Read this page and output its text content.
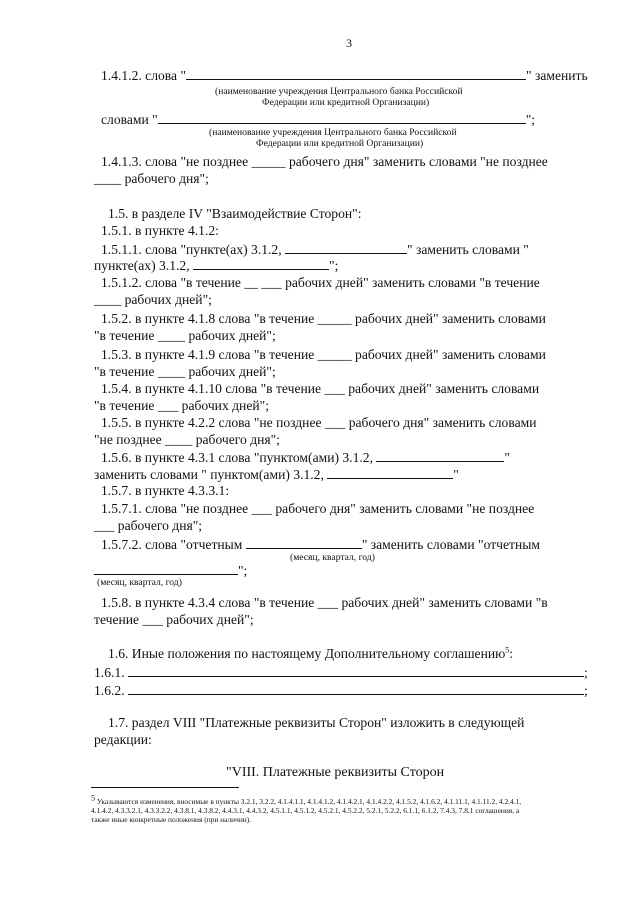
3
1.4.1.2. слова "	" заменить
(наименование учреждения Центрального банка Российской
Федерации или кредитной Организации)
словами "	";
(наименование учреждения Центрального банка Российской
Федерации или кредитной Организации)
1.4.1.3. слова "не позднее _____ рабочего дня" заменить словами "не позднее
____ рабочего дня";
1.5. в разделе IV "Взаимодействие Сторон":
1.5.1. в пункте 4.1.2:
1.5.1.1. слова "пункте(ах) 3.1.2,	" заменить словами "
пункте(ах) 3.1.2,	";
1.5.1.2. слова "в течение __ ___ рабочих дней" заменить словами "в течение
____ рабочих дней";
1.5.2. в пункте 4.1.8 слова "в течение _____ рабочих дней" заменить словами
"в течение ____ рабочих дней";
1.5.3. в пункте 4.1.9 слова "в течение _____ рабочих дней" заменить словами
"в течение ____ рабочих дней";
1.5.4. в пункте 4.1.10 слова "в течение ___ рабочих дней" заменить словами
"в течение ___ рабочих дней";
1.5.5. в пункте 4.2.2 слова "не позднее ___ рабочего дня" заменить словами
"не позднее ____ рабочего дня";
1.5.6. в пункте 4.3.1 слова "пунктом(ами) 3.1.2,	"
заменить словами " пунктом(ами) 3.1.2,	"
1.5.7. в пункте 4.3.3.1:
1.5.7.1. слова "не позднее ___ рабочего дня" заменить словами "не позднее
___ рабочего дня";
1.5.7.2. слова "отчетным	" заменить словами "отчетным
(месяц, квартал, год)
";
(месяц, квартал, год)
1.5.8. в пункте 4.3.4 слова "в течение ___ рабочих дней" заменить словами "в
течение ___ рабочих дней";
1.6. Иные положения по настоящему Дополнительному соглашению$^5$:
1.6.1.	;
1.6.2.	;
1.7. раздел VIII "Платежные реквизиты Сторон" изложить в следующей
редакции:
"VIII. Платежные реквизиты Сторон
$^5$ Указываются изменения, вносимые в пункты 3.2.1, 3.2.2, 4.1.4.1.1, 4.1.4.1.2, 4.1.4.2.1, 4.1.4.2.2, 4.1.5.2, 4.1.6.2, 4.1.11.1, 4.1.11.2, 4.2.4.1,
4.1.4.2, 4.3.3.2.1, 4.3.3.2.2, 4.3.8.1, 4.3.8.2, 4.4.3.1, 4.4.3.2, 4.5.1.1, 4.5.1.2, 4.5.2.1, 4.5.2.2, 5.2.1, 5.2.2, 6.1.1, 6.1.2, 7.4.3, 7.8.1 соглашения, а
также иные конкретные положения (при наличии).
